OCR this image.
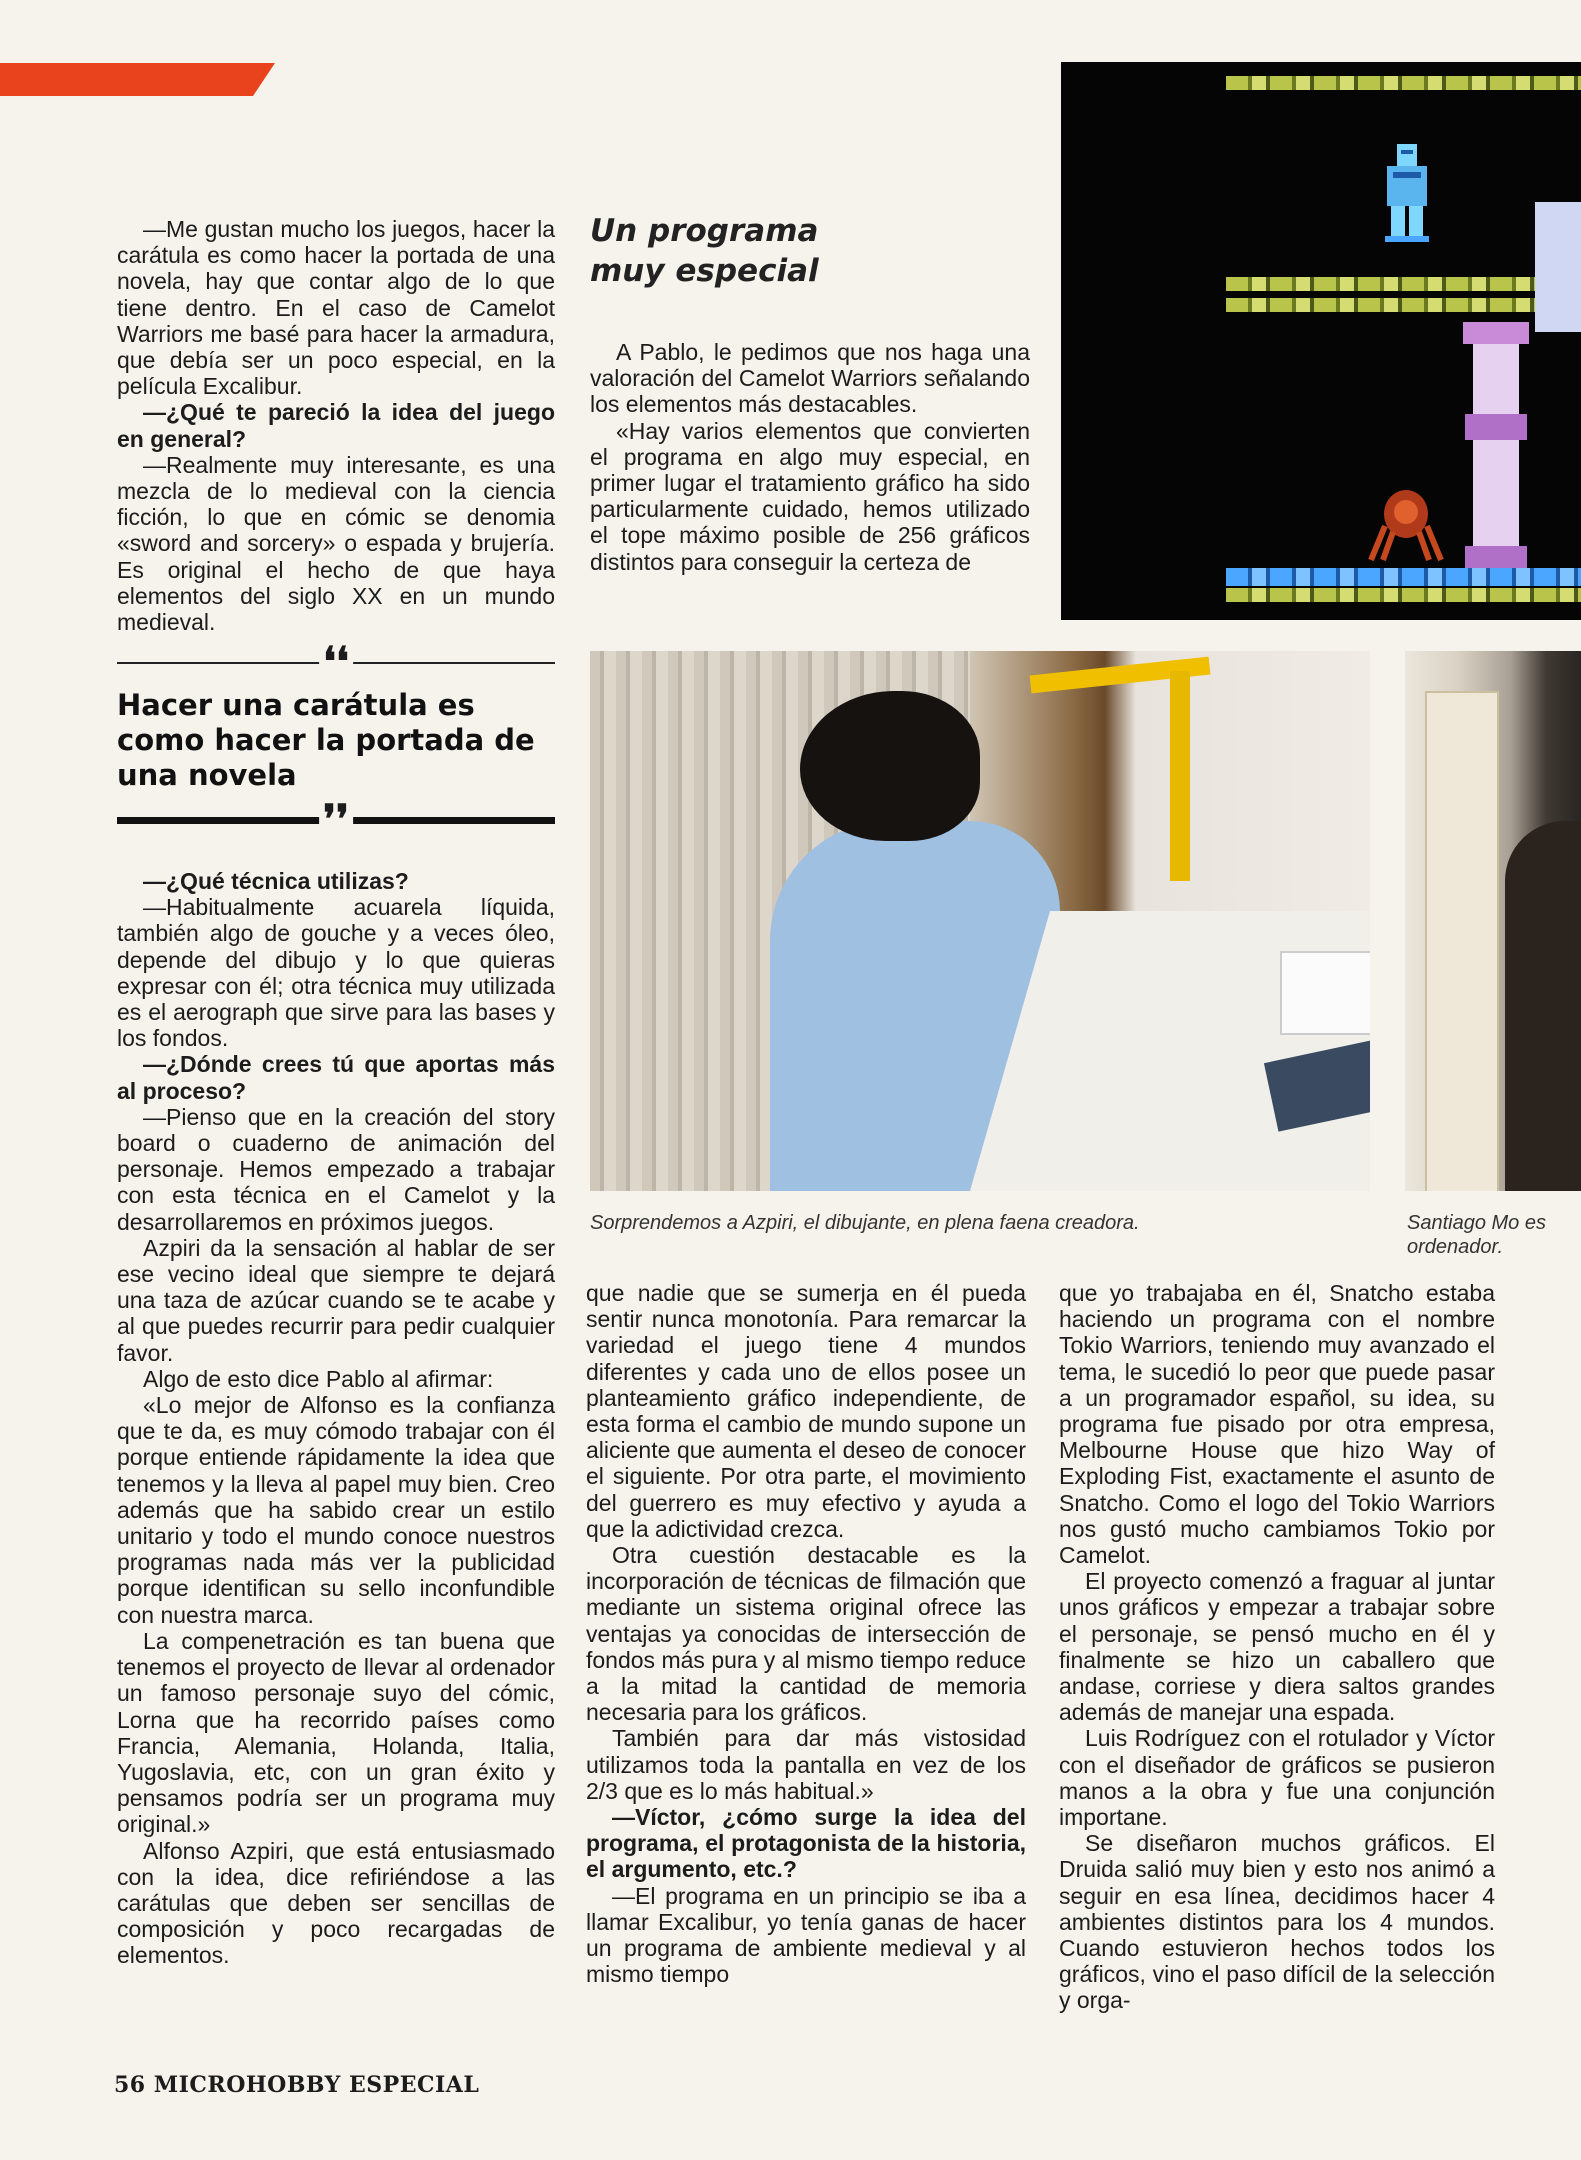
—Me gustan mucho los juegos, hacer la carátula es como hacer la portada de una novela, hay que contar algo de lo que tiene dentro. En el caso de Camelot Warriors me basé para hacer la armadura, que debía ser un poco especial, en la película Excalibur.

—¿Qué te pareció la idea del juego en general?

—Realmente muy interesante, es una mezcla de lo medieval con la ciencia ficción, lo que en cómic se denomia «sword and sorcery» o espada y brujería. Es original el hecho de que haya elementos del siglo XX en un mundo medieval.

❛❛
Hacer una carátula es como hacer la portada de una novela
❜❜

—¿Qué técnica utilizas?

—Habitualmente acuarela líquida, también algo de gouche y a veces óleo, depende del dibujo y lo que quieras expresar con él; otra técnica muy utilizada es el aerograph que sirve para las bases y los fondos.

—¿Dónde crees tú que aportas más al proceso?

—Pienso que en la creación del story board o cuaderno de animación del personaje. Hemos empezado a trabajar con esta técnica en el Camelot y la desarrollaremos en próximos juegos.

Azpiri da la sensación al hablar de ser ese vecino ideal que siempre te dejará una taza de azúcar cuando se te acabe y al que puedes recurrir para pedir cualquier favor.

Algo de esto dice Pablo al afirmar:

«Lo mejor de Alfonso es la confianza que te da, es muy cómodo trabajar con él porque entiende rápidamente la idea que tenemos y la lleva al papel muy bien. Creo además que ha sabido crear un estilo unitario y todo el mundo conoce nuestros programas nada más ver la publicidad porque identifican su sello inconfundible con nuestra marca.

La compenetración es tan buena que tenemos el proyecto de llevar al ordenador un famoso personaje suyo del cómic, Lorna que ha recorrido países como Francia, Alemania, Holanda, Italia, Yugoslavia, etc, con un gran éxito y pensamos podría ser un programa muy original.»

Alfonso Azpiri, que está entusiasmado con la idea, dice refiriéndose a las carátulas que deben ser sencillas de composición y poco recargadas de elementos.

Un programa muy especial

A Pablo, le pedimos que nos haga una valoración del Camelot Warriors señalando los elementos más destacables.

«Hay varios elementos que convierten el programa en algo muy especial, en primer lugar el tratamiento gráfico ha sido particularmente cuidado, hemos utilizado el tope máximo posible de 256 gráficos distintos para conseguir la certeza de

Sorprendemos a Azpiri, el dibujante, en plena faena creadora.	Santiago Mo es ordenador.

que nadie que se sumerja en él pueda sentir nunca monotonía. Para remarcar la variedad el juego tiene 4 mundos diferentes y cada uno de ellos posee un planteamiento gráfico independiente, de esta forma el cambio de mundo supone un aliciente que aumenta el deseo de conocer el siguiente. Por otra parte, el movimiento del guerrero es muy efectivo y ayuda a que la adictividad crezca.

Otra cuestión destacable es la incorporación de técnicas de filmación que mediante un sistema original ofrece las ventajas ya conocidas de intersección de fondos más pura y al mismo tiempo reduce a la mitad la cantidad de memoria necesaria para los gráficos.

También para dar más vistosidad utilizamos toda la pantalla en vez de los 2/3 que es lo más habitual.»

—Víctor, ¿cómo surge la idea del programa, el protagonista de la historia, el argumento, etc.?

—El programa en un principio se iba a llamar Excalibur, yo tenía ganas de hacer un programa de ambiente medieval y al mismo tiempo

que yo trabajaba en él, Snatcho estaba haciendo un programa con el nombre Tokio Warriors, teniendo muy avanzado el tema, le sucedió lo peor que puede pasar a un programador español, su idea, su programa fue pisado por otra empresa, Melbourne House que hizo Way of Exploding Fist, exactamente el asunto de Snatcho. Como el logo del Tokio Warriors nos gustó mucho cambiamos Tokio por Camelot.

El proyecto comenzó a fraguar al juntar unos gráficos y empezar a trabajar sobre el personaje, se pensó mucho en él y finalmente se hizo un caballero que andase, corriese y diera saltos grandes además de manejar una espada.

Luis Rodríguez con el rotulador y Víctor con el diseñador de gráficos se pusieron manos a la obra y fue una conjunción importane.

Se diseñaron muchos gráficos. El Druida salió muy bien y esto nos animó a seguir en esa línea, decidimos hacer 4 ambientes distintos para los 4 mundos. Cuando estuvieron hechos todos los gráficos, vino el paso difícil de la selección y orga-

56 MICROHOBBY ESPECIAL
